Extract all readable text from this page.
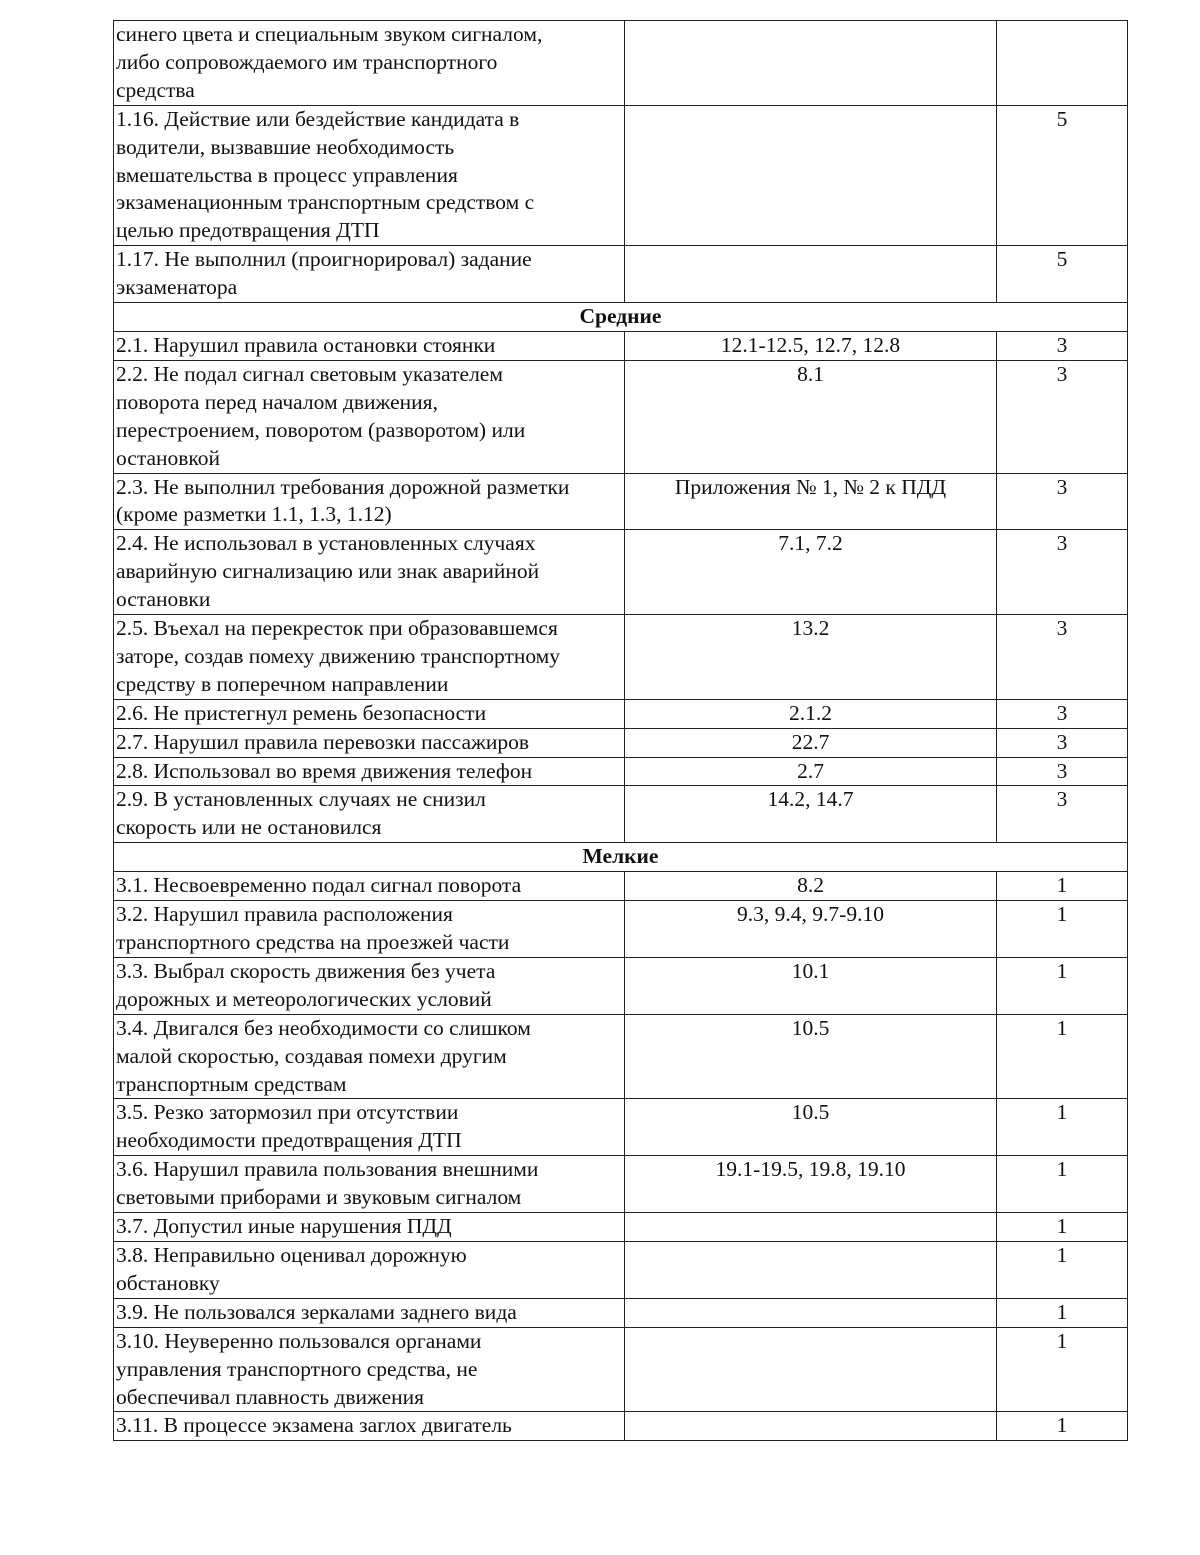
синего цвета и специальным звуком сигналом,
либо сопровождаемого им транспортного
средства		
1.16. Действие или бездействие кандидата в
водители, вызвавшие необходимость
вмешательства в процесс управления
экзаменационным транспортным средством с
целью предотвращения ДТП		5
1.17. Не выполнил (проигнорировал) задание
экзаменатора		5
Средние		
2.1. Нарушил правила остановки стоянки	12.1-12.5, 12.7, 12.8	3
2.2. Не подал сигнал световым указателем
поворота перед началом движения,
перестроением, поворотом (разворотом) или
остановкой	8.1	3
2.3. Не выполнил требования дорожной разметки
(кроме разметки 1.1, 1.3, 1.12)	Приложения № 1, № 2 к ПДД	3
2.4. Не использовал в установленных случаях
аварийную сигнализацию или знак аварийной
остановки	7.1, 7.2	3
2.5. Въехал на перекресток при образовавшемся
заторе, создав помеху движению транспортному
средству в поперечном направлении	13.2	3
2.6. Не пристегнул ремень безопасности	2.1.2	3
2.7. Нарушил правила перевозки пассажиров	22.7	3
2.8. Использовал во время движения телефон	2.7	3
2.9. В установленных случаях не снизил
скорость или не остановился	14.2, 14.7	3
Мелкие		
3.1. Несвоевременно подал сигнал поворота	8.2	1
3.2. Нарушил правила расположения
транспортного средства на проезжей части	9.3, 9.4, 9.7-9.10	1
3.3. Выбрал скорость движения без учета
дорожных и метеорологических условий	10.1	1
3.4. Двигался без необходимости со слишком
малой скоростью, создавая помехи другим
транспортным средствам	10.5	1
3.5. Резко затормозил при отсутствии
необходимости предотвращения ДТП	10.5	1
3.6. Нарушил правила пользования внешними
световыми приборами и звуковым сигналом	19.1-19.5, 19.8, 19.10	1
3.7. Допустил иные нарушения ПДД		1
3.8. Неправильно оценивал дорожную
обстановку		1
3.9. Не пользовался зеркалами заднего вида		1
3.10. Неуверенно пользовался органами
управления транспортного средства, не
обеспечивал плавность движения		1
3.11. В процессе экзамена заглох двигатель		1
